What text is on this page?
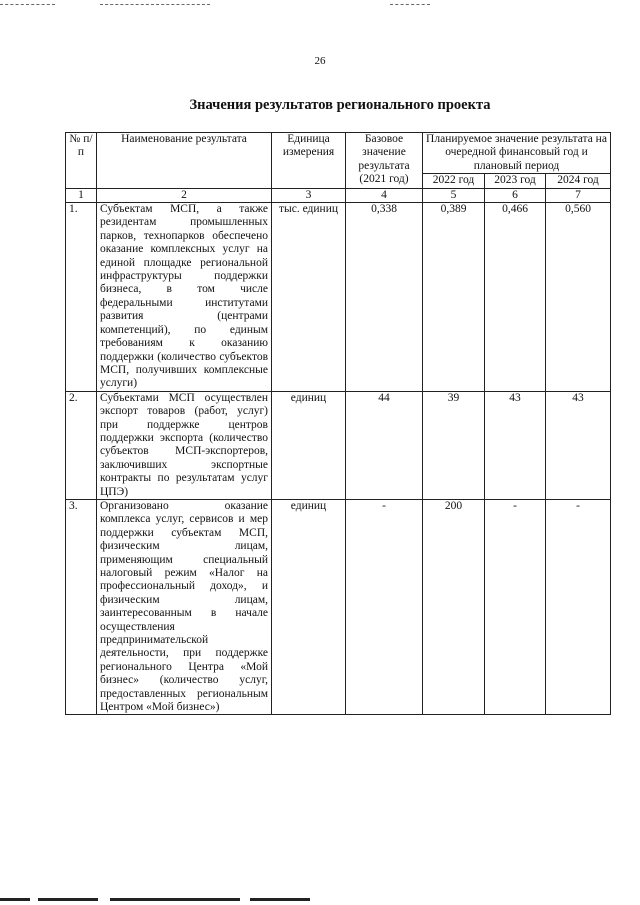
26
Значения результатов регионального проекта
№ п/п	Наименование результата	Единица измерения	Базовое значение результата (2021 год)	Планируемое значение результата на очередной финансовый год и плановый период		
				2022 год	2023 год	2024 год
1	2	3	4	5	6	7
1.	Субъектам МСП, а также резидентам промышленных парков, технопарков обеспечено оказание комплексных услуг на единой площадке региональной инфраструктуры поддержки бизнеса, в том числе федеральными институтами развития (центрами компетенций), по единым требованиям к оказанию поддержки (количество субъектов МСП, получивших комплексные услуги)	тыс. единиц	0,338	0,389	0,466	0,560
2.	Субъектами МСП осуществлен экспорт товаров (работ, услуг) при поддержке центров поддержки экспорта (количество субъектов МСП-экспортеров, заключивших экспортные контракты по результатам услуг ЦПЭ)	единиц	44	39	43	43
3.	Организовано оказание комплекса услуг, сервисов и мер поддержки субъектам МСП, физическим лицам, применяющим специальный налоговый режим «Налог на профессиональный доход», и физическим лицам, заинтересованным в начале осуществления предпринимательской деятельности, при поддержке регионального Центра «Мой бизнес» (количество услуг, предоставленных региональным Центром «Мой бизнес»)	единиц	-	200	-	-
